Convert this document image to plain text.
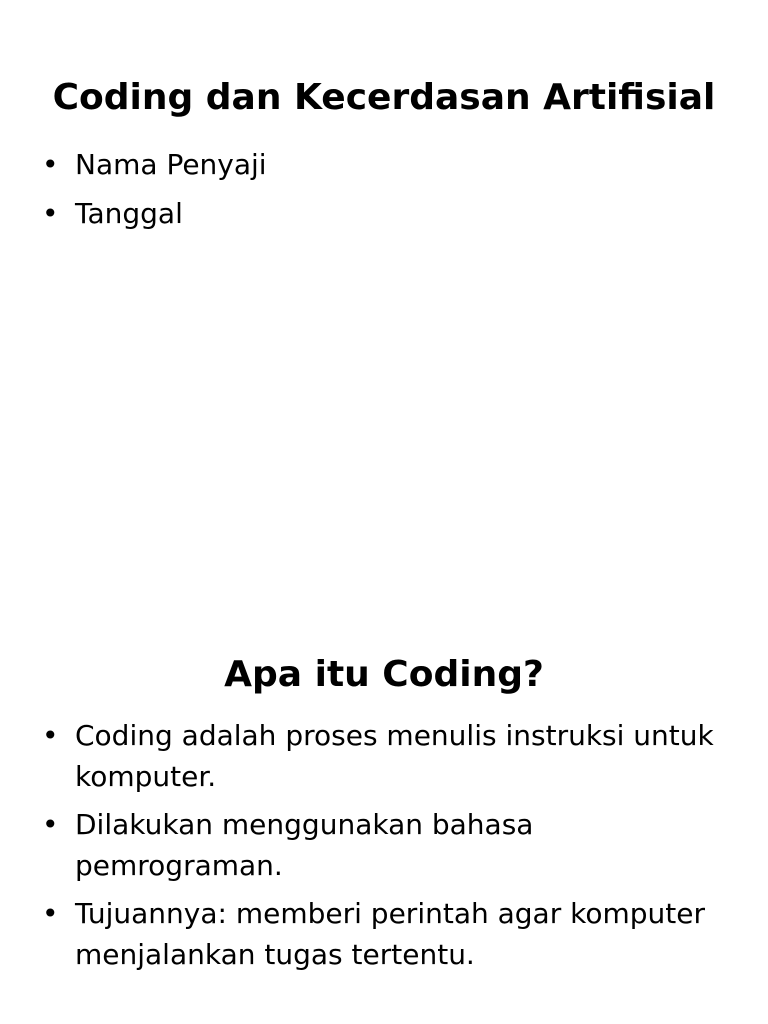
Coding dan Kecerdasan Artifisial
• Nama Penyaji
• Tanggal
Apa itu Coding?
• Coding adalah proses menulis instruksi untuk komputer.
• Dilakukan menggunakan bahasa pemrograman.
• Tujuannya: memberi perintah agar komputer menjalankan tugas tertentu.
